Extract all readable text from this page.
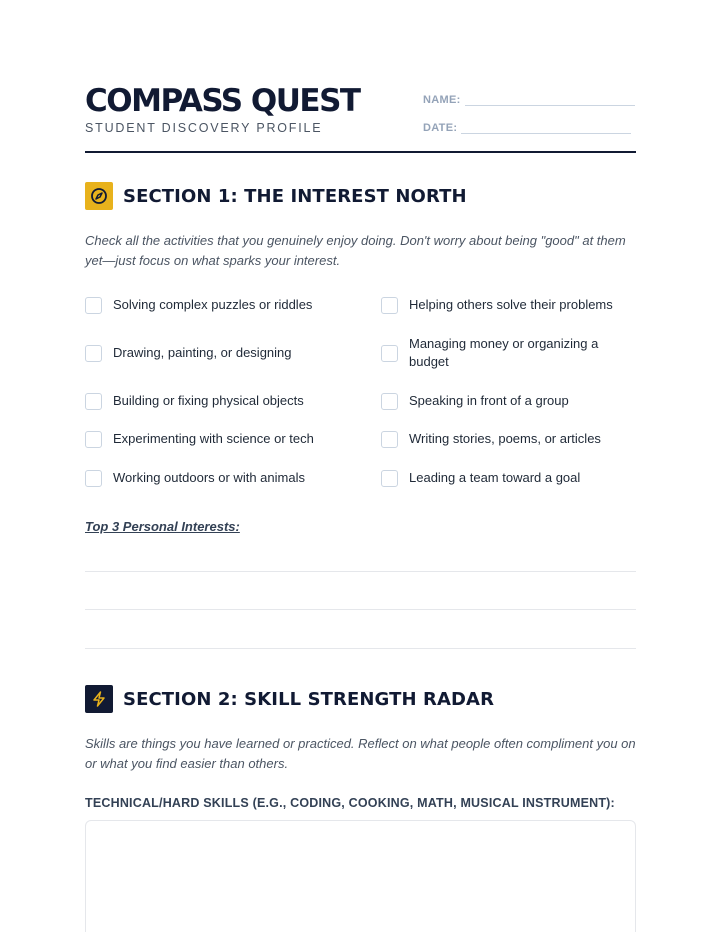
COMPASS QUEST
STUDENT DISCOVERY PROFILE
NAME:
DATE:
SECTION 1: THE INTEREST NORTH
Check all the activities that you genuinely enjoy doing. Don't worry about being "good" at them yet—just focus on what sparks your interest.
Solving complex puzzles or riddles
Drawing, painting, or designing
Building or fixing physical objects
Experimenting with science or tech
Working outdoors or with animals
Helping others solve their problems
Managing money or organizing a budget
Speaking in front of a group
Writing stories, poems, or articles
Leading a team toward a goal
Top 3 Personal Interests:
SECTION 2: SKILL STRENGTH RADAR
Skills are things you have learned or practiced. Reflect on what people often compliment you on or what you find easier than others.
TECHNICAL/HARD SKILLS (E.G., CODING, COOKING, MATH, MUSICAL INSTRUMENT):
